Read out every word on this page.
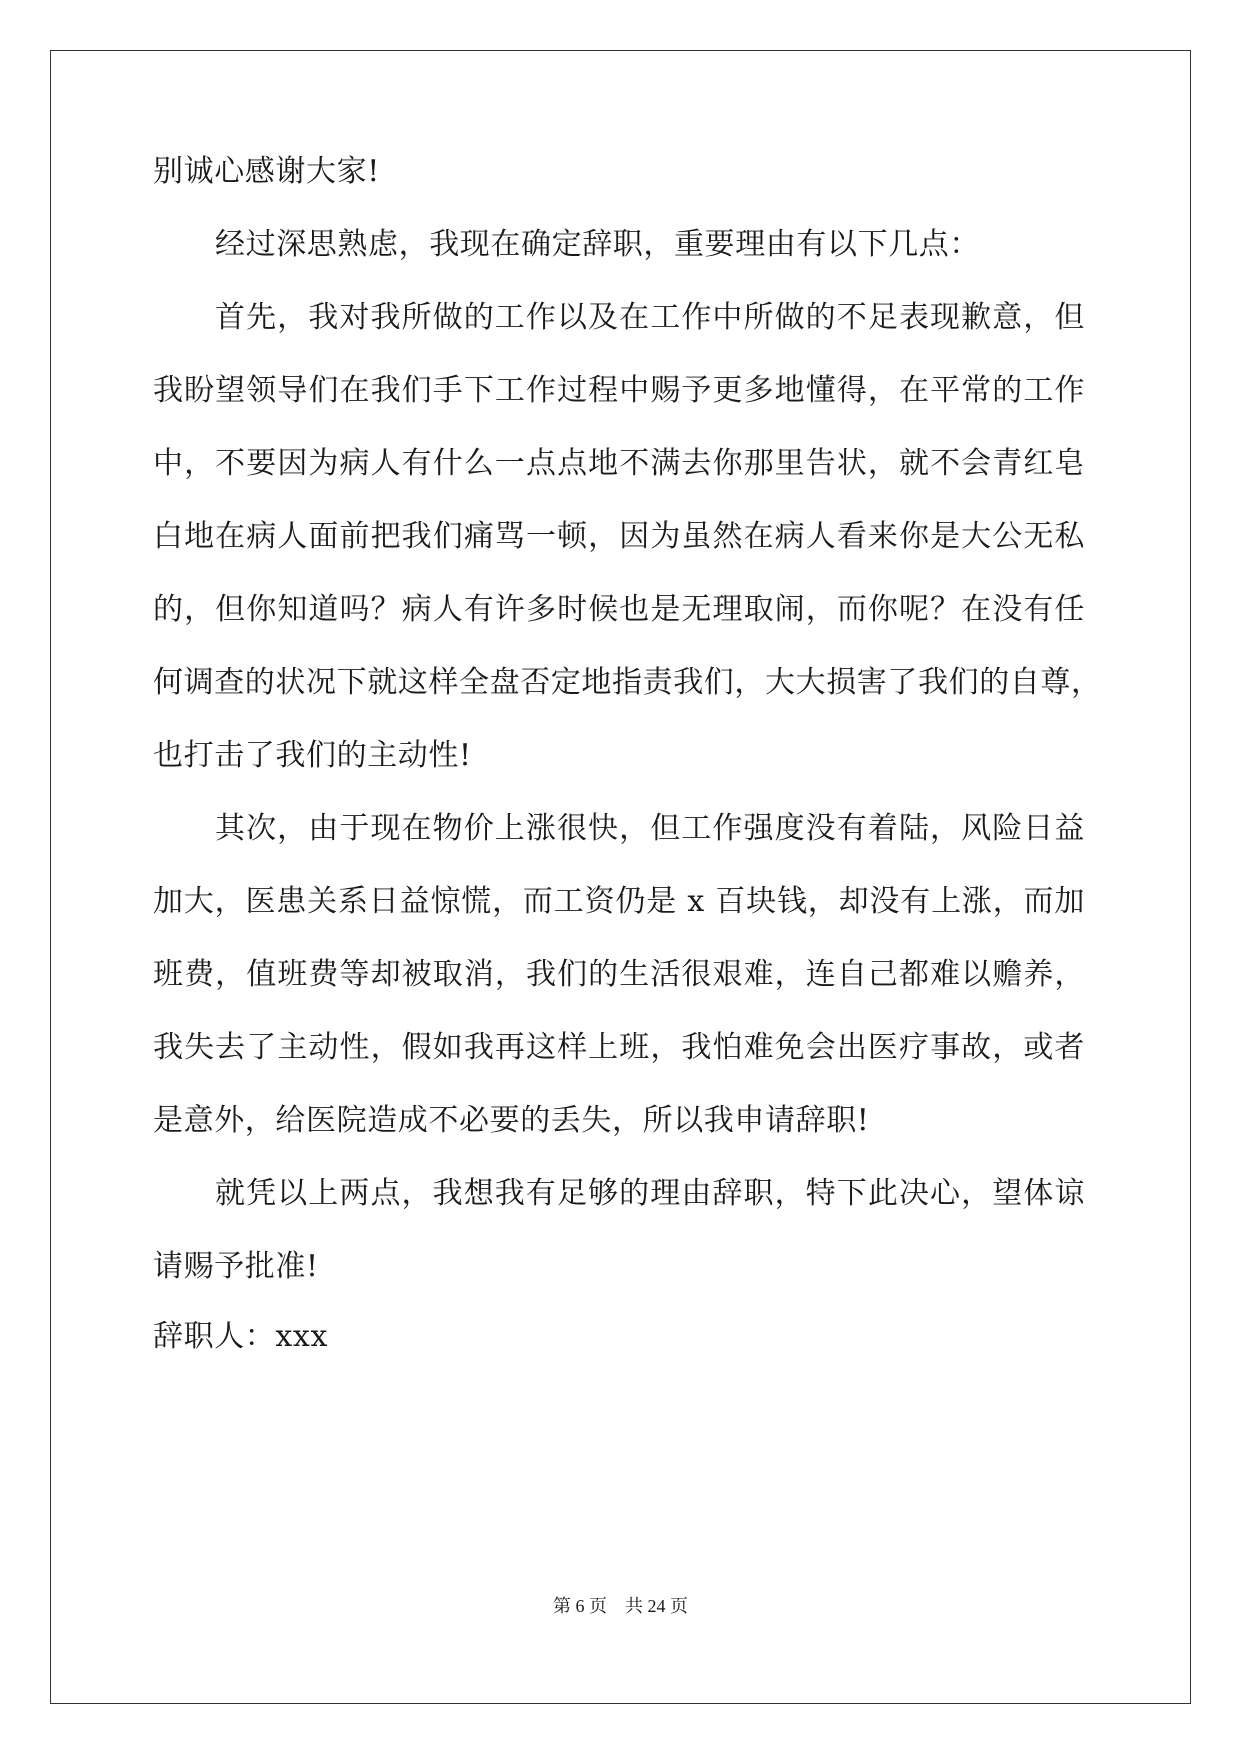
别诚心感谢大家!
经过深思熟虑，我现在确定辞职，重要理由有以下几点：
首先，我对我所做的工作以及在工作中所做的不足表现歉意，但
我盼望领导们在我们手下工作过程中赐予更多地懂得，在平常的工作
中，不要因为病人有什么一点点地不满去你那里告状，就不会青红皂
白地在病人面前把我们痛骂一顿，因为虽然在病人看来你是大公无私
的，但你知道吗？病人有许多时候也是无理取闹，而你呢？在没有任
何调查的状况下就这样全盘否定地指责我们，大大损害了我们的自尊，
也打击了我们的主动性!
其次，由于现在物价上涨很快，但工作强度没有着陆，风险日益
加大，医患关系日益惊慌，而工资仍是 x 百块钱，却没有上涨，而加
班费，值班费等却被取消，我们的生活很艰难，连自己都难以赡养，
我失去了主动性，假如我再这样上班，我怕难免会出医疗事故，或者
是意外，给医院造成不必要的丢失，所以我申请辞职!
就凭以上两点，我想我有足够的理由辞职，特下此决心，望体谅
请赐予批准!
辞职人：xxx
第 6 页　共 24 页
